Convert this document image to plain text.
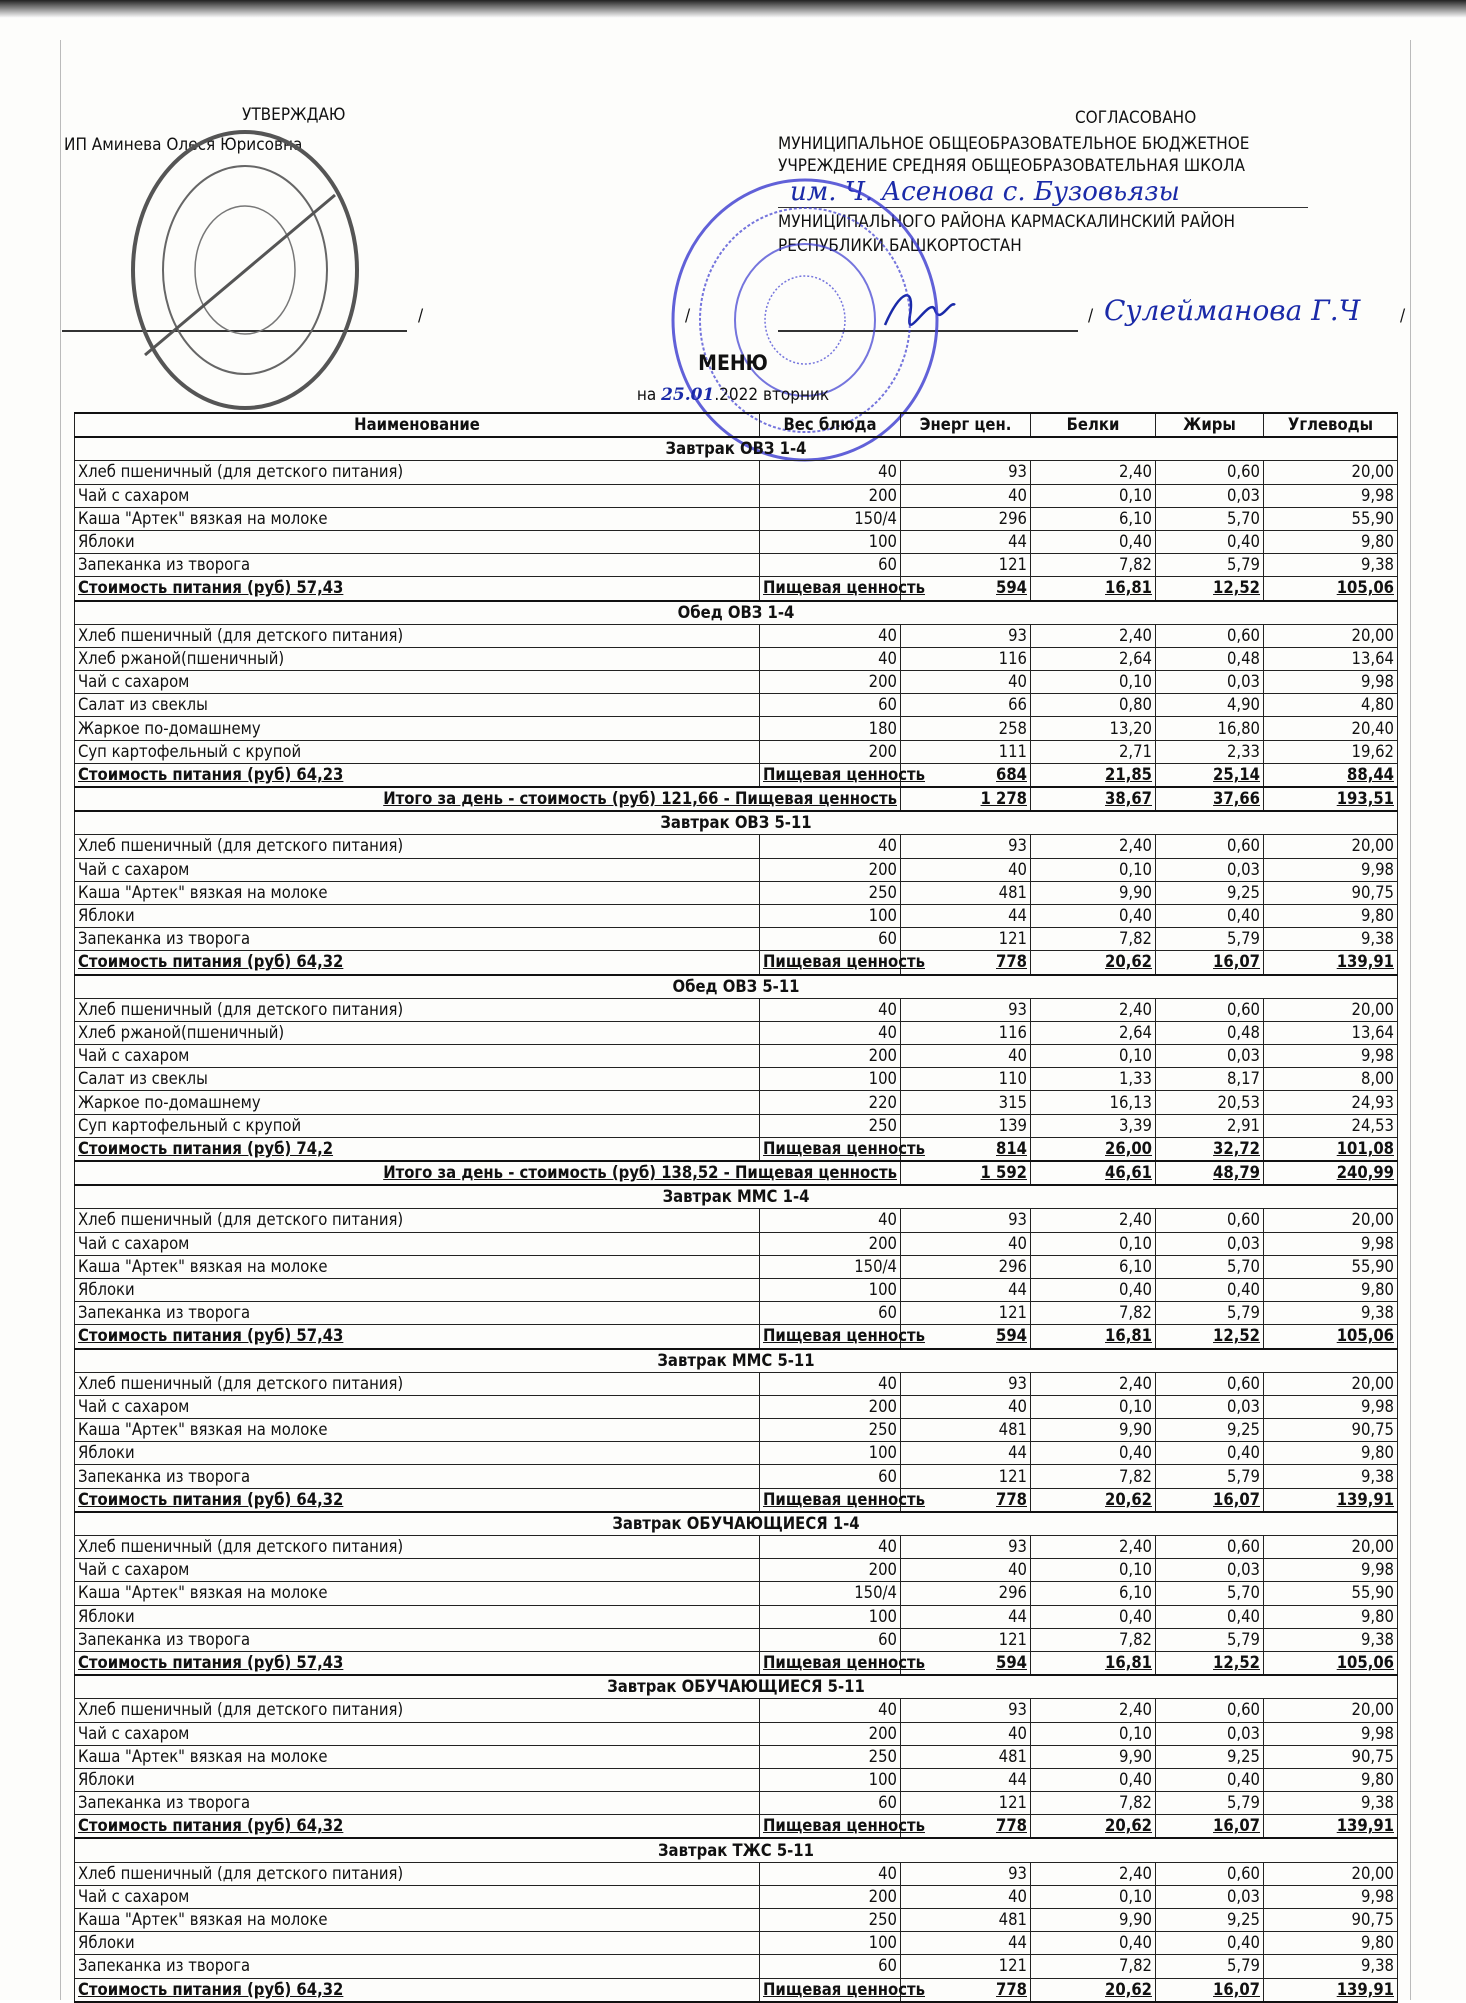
УТВЕРЖДАЮ
ИП Аминева Олеся Юрисовна
СОГЛАСОВАНО
МУНИЦИПАЛЬНОЕ ОБЩЕОБРАЗОВАТЕЛЬНОЕ БЮДЖЕТНОЕ
УЧРЕЖДЕНИЕ СРЕДНЯЯ ОБЩЕОБРАЗОВАТЕЛЬНАЯ ШКОЛА
им. Ч. Асенова с. Бузовьязы
МУНИЦИПАЛЬНОГО РАЙОНА КАРМАСКАЛИНСКИЙ РАЙОН
РЕСПУБЛИКИ БАШКОРТОСТАН
/	/	/ Сулейманова Г.Ч /
МЕНЮ
на 25.01.2022 вторник
Наименование	Вес блюда	Энерг цен.	Белки	Жиры	Углеводы
Завтрак ОВЗ 1-4					
Хлеб пшеничный (для детского питания)	40	93	2,40	0,60	20,00
Чай с сахаром	200	40	0,10	0,03	9,98
Каша "Артек" вязкая на молоке	150/4	296	6,10	5,70	55,90
Яблоки	100	44	0,40	0,40	9,80
Запеканка из творога	60	121	7,82	5,79	9,38
Стоимость питания (руб) 57,43	Пищевая ценность	594	16,81	12,52	105,06
Обед ОВЗ 1-4					
Хлеб пшеничный (для детского питания)	40	93	2,40	0,60	20,00
Хлеб ржаной(пшеничный)	40	116	2,64	0,48	13,64
Чай с сахаром	200	40	0,10	0,03	9,98
Салат из свеклы	60	66	0,80	4,90	4,80
Жаркое по-домашнему	180	258	13,20	16,80	20,40
Суп картофельный с крупой	200	111	2,71	2,33	19,62
Стоимость питания (руб) 64,23	Пищевая ценность	684	21,85	25,14	88,44
Итого за день - стоимость (руб) 121,66 - Пищевая ценность		1 278	38,67	37,66	193,51
Завтрак ОВЗ 5-11					
Хлеб пшеничный (для детского питания)	40	93	2,40	0,60	20,00
Чай с сахаром	200	40	0,10	0,03	9,98
Каша "Артек" вязкая на молоке	250	481	9,90	9,25	90,75
Яблоки	100	44	0,40	0,40	9,80
Запеканка из творога	60	121	7,82	5,79	9,38
Стоимость питания (руб) 64,32	Пищевая ценность	778	20,62	16,07	139,91
Обед ОВЗ 5-11					
Хлеб пшеничный (для детского питания)	40	93	2,40	0,60	20,00
Хлеб ржаной(пшеничный)	40	116	2,64	0,48	13,64
Чай с сахаром	200	40	0,10	0,03	9,98
Салат из свеклы	100	110	1,33	8,17	8,00
Жаркое по-домашнему	220	315	16,13	20,53	24,93
Суп картофельный с крупой	250	139	3,39	2,91	24,53
Стоимость питания (руб) 74,2	Пищевая ценность	814	26,00	32,72	101,08
Итого за день - стоимость (руб) 138,52 - Пищевая ценность		1 592	46,61	48,79	240,99
Завтрак ММС 1-4					
Хлеб пшеничный (для детского питания)	40	93	2,40	0,60	20,00
Чай с сахаром	200	40	0,10	0,03	9,98
Каша "Артек" вязкая на молоке	150/4	296	6,10	5,70	55,90
Яблоки	100	44	0,40	0,40	9,80
Запеканка из творога	60	121	7,82	5,79	9,38
Стоимость питания (руб) 57,43	Пищевая ценность	594	16,81	12,52	105,06
Завтрак ММС 5-11					
Хлеб пшеничный (для детского питания)	40	93	2,40	0,60	20,00
Чай с сахаром	200	40	0,10	0,03	9,98
Каша "Артек" вязкая на молоке	250	481	9,90	9,25	90,75
Яблоки	100	44	0,40	0,40	9,80
Запеканка из творога	60	121	7,82	5,79	9,38
Стоимость питания (руб) 64,32	Пищевая ценность	778	20,62	16,07	139,91
Завтрак ОБУЧАЮЩИЕСЯ 1-4					
Хлеб пшеничный (для детского питания)	40	93	2,40	0,60	20,00
Чай с сахаром	200	40	0,10	0,03	9,98
Каша "Артек" вязкая на молоке	150/4	296	6,10	5,70	55,90
Яблоки	100	44	0,40	0,40	9,80
Запеканка из творога	60	121	7,82	5,79	9,38
Стоимость питания (руб) 57,43	Пищевая ценность	594	16,81	12,52	105,06
Завтрак ОБУЧАЮЩИЕСЯ 5-11					
Хлеб пшеничный (для детского питания)	40	93	2,40	0,60	20,00
Чай с сахаром	200	40	0,10	0,03	9,98
Каша "Артек" вязкая на молоке	250	481	9,90	9,25	90,75
Яблоки	100	44	0,40	0,40	9,80
Запеканка из творога	60	121	7,82	5,79	9,38
Стоимость питания (руб) 64,32	Пищевая ценность	778	20,62	16,07	139,91
Завтрак ТЖС 5-11					
Хлеб пшеничный (для детского питания)	40	93	2,40	0,60	20,00
Чай с сахаром	200	40	0,10	0,03	9,98
Каша "Артек" вязкая на молоке	250	481	9,90	9,25	90,75
Яблоки	100	44	0,40	0,40	9,80
Запеканка из творога	60	121	7,82	5,79	9,38
Стоимость питания (руб) 64,32	Пищевая ценность	778	20,62	16,07	139,91
